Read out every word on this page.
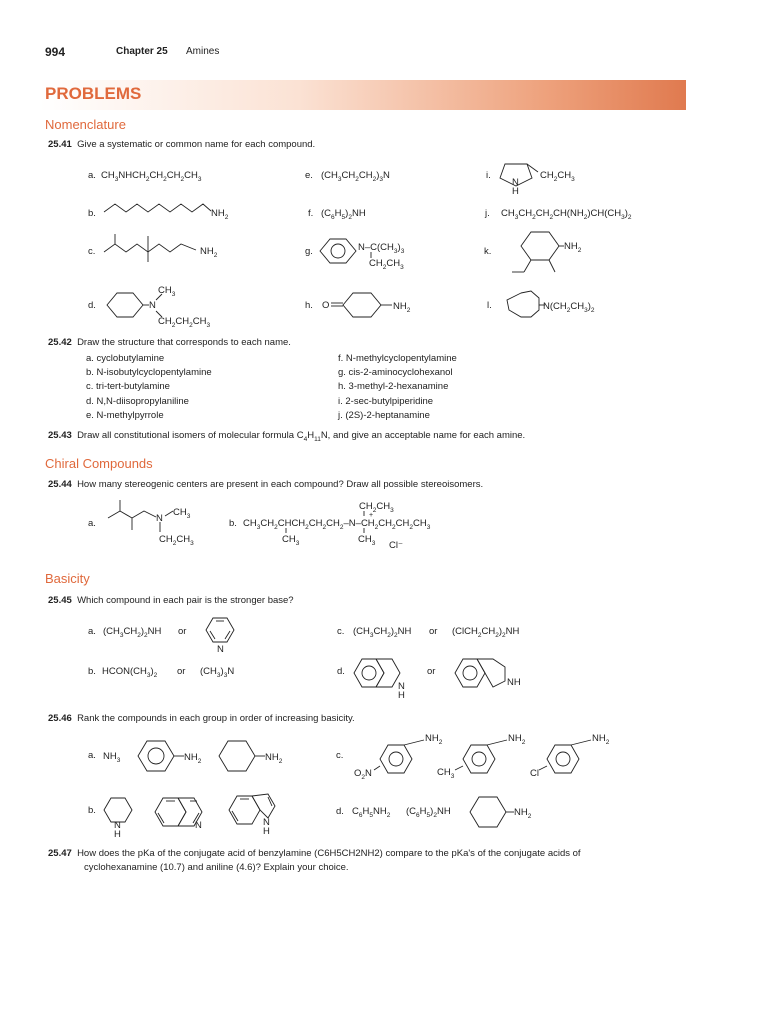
994	Chapter 25 Amines
PROBLEMS
Nomenclature
Chiral Compounds
Basicity
25.41 Give a systematic or common name for each compound.
a. $CH_3NHCH_2CH_2CH_2CH_3$
b.	$NH_2$
c.	$NH_2$
d.
$CH_3$
N
$CH_2CH_2CH_3$
e. $(CH_3CH_2CH_2)_3N$
f. $(C_6H_5)_2NH$
g.	$N-C(CH_3)_3$
$CH_2CH_3$
h. O	$NH_2$
i.
N
H
$CH_2CH_3$
j. $CH_3CH_2CH_2CH(NH_2)CH(CH_3)_2$
k.	$NH_2$
l.	$N(CH_2CH_3)_2$
25.42 Draw the structure that corresponds to each name.
a. cyclobutylamine
b. N-isobutylcyclopentylamine
c. tri-tert-butylamine
d. N,N-diisopropylaniline
e. N-methylpyrrole
f. N-methylcyclopentylamine
g. cis-2-aminocyclohexanol
h. 3-methyl-2-hexanamine
i. 2-sec-butylpiperidine
j. (2S)-2-heptanamine
25.43 Draw all constitutional isomers of molecular formula $C_4H_{11}N$, and give an acceptable name for each amine.
25.44 How many stereogenic centers are present in each compound? Draw all possible stereoisomers.
a.	N
$CH_3$
$CH_2CH_3$
b.
$CH_2CH_3$
$CH_3CH_2CHCH_2CH_2CH_2-N-CH_2CH_2CH_2CH_3$
$CH_3$	$CH_3$
+
Cl⁻
25.45 Which compound in each pair is the stronger base?
a. $(CH_3CH_2)_2NH$ or
N
b. $HCON(CH_3)_2$ or $(CH_3)_3N$
c. $(CH_3CH_2)_2NH$ or $(ClCH_2CH_2)_2NH$
d.
N
H
or
NH
25.46 Rank the compounds in each group in order of increasing basicity.
a. $NH_3$	$NH_2$	$NH_2$
b.
N
H
N	N
H
c.
$NH_2$
$O_2N$
$NH_2$
$CH_3$
$NH_2$
Cl
d. $C_6H_5NH_2$ $(C_6H_5)_2NH$	$NH_2$
25.47 How does the pKa of the conjugate acid of benzylamine (C6H5CH2NH2) compare to the pKa's of the conjugate acids of
cyclohexanamine (10.7) and aniline (4.6)? Explain your choice.
